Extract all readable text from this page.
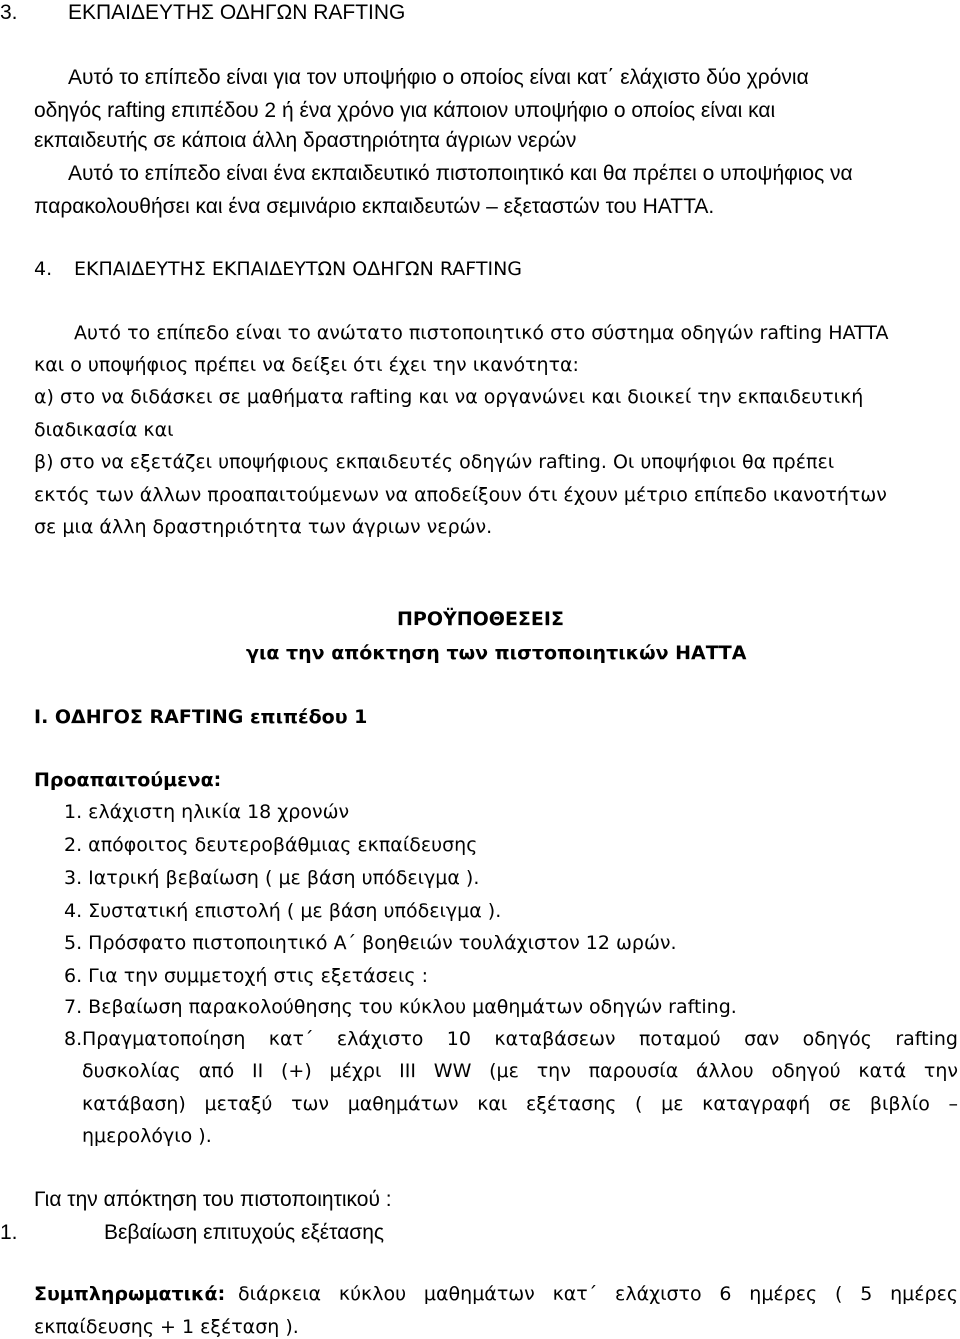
3. ΕΚΠΑΙΔΕΥΤΗΣ ΟΔΗΓΩΝ RAFTING
Αυτό το επίπεδο είναι για τον υποψήφιο ο οποίος είναι κατ΄ ελάχιστο δύο χρόνια
οδηγός rafting επιπέδου 2 ή ένα χρόνο για κάποιον υποψήφιο ο οποίος είναι και
εκπαιδευτής σε κάποια άλλη δραστηριότητα άγριων νερών
Αυτό το επίπεδο είναι ένα εκπαιδευτικό πιστοποιητικό και θα πρέπει ο υποψήφιος να
παρακολουθήσει και ένα σεμινάριο εκπαιδευτών – εξεταστών του ΗΑΤΤΑ.
4. ΕΚΠΑΙΔΕΥΤΗΣ ΕΚΠΑΙΔΕΥΤΩΝ ΟΔΗΓΩΝ RAFTING
Αυτό το επίπεδο είναι το ανώτατο πιστοποιητικό στο σύστημα οδηγών rafting HATTA
και ο υποψήφιος πρέπει να δείξει ότι έχει την ικανότητα:
α) στο να διδάσκει σε μαθήματα rafting και να οργανώνει και διοικεί την εκπαιδευτική
διαδικασία και
β) στο να εξετάζει υποψήφιους εκπαιδευτές οδηγών rafting. Οι υποψήφιοι θα πρέπει
εκτός των άλλων προαπαιτούμενων να αποδείξουν ότι έχουν μέτριο επίπεδο ικανοτήτων
σε μια άλλη δραστηριότητα των άγριων νερών.
ΠΡΟΫΠΟΘΕΣΕΙΣ
για την απόκτηση των πιστοποιητικών ΗΑΤΤΑ
Ι. ΟΔΗΓΟΣ RAFTING επιπέδου 1
Προαπαιτούμενα:
1. ελάχιστη ηλικία 18 χρονών
2. απόφοιτος δευτεροβάθμιας εκπαίδευσης
3. Ιατρική βεβαίωση ( με βάση υπόδειγμα ).
4. Συστατική επιστολή ( με βάση υπόδειγμα ).
5. Πρόσφατο πιστοποιητικό Α΄ βοηθειών τουλάχιστον 12 ωρών.
6. Για την συμμετοχή στις εξετάσεις :
7. Βεβαίωση παρακολούθησης του κύκλου μαθημάτων οδηγών rafting.
8. Πραγματοποίηση κατ΄ ελάχιστο 10 καταβάσεων ποταμού σαν οδηγός rafting
δυσκολίας από ΙΙ (+) μέχρι ΙΙΙ WW (με την παρουσία άλλου οδηγού κατά την
κατάβαση) μεταξύ των μαθημάτων και εξέτασης ( με καταγραφή σε βιβλίο –
ημερολόγιο ).
Για την απόκτηση του πιστοποιητικού :
1.	Βεβαίωση επιτυχούς εξέτασης
Συμπληρωματικά: διάρκεια κύκλου μαθημάτων κατ΄ ελάχιστο 6 ημέρες ( 5 ημέρες
εκπαίδευσης + 1 εξέταση ).
